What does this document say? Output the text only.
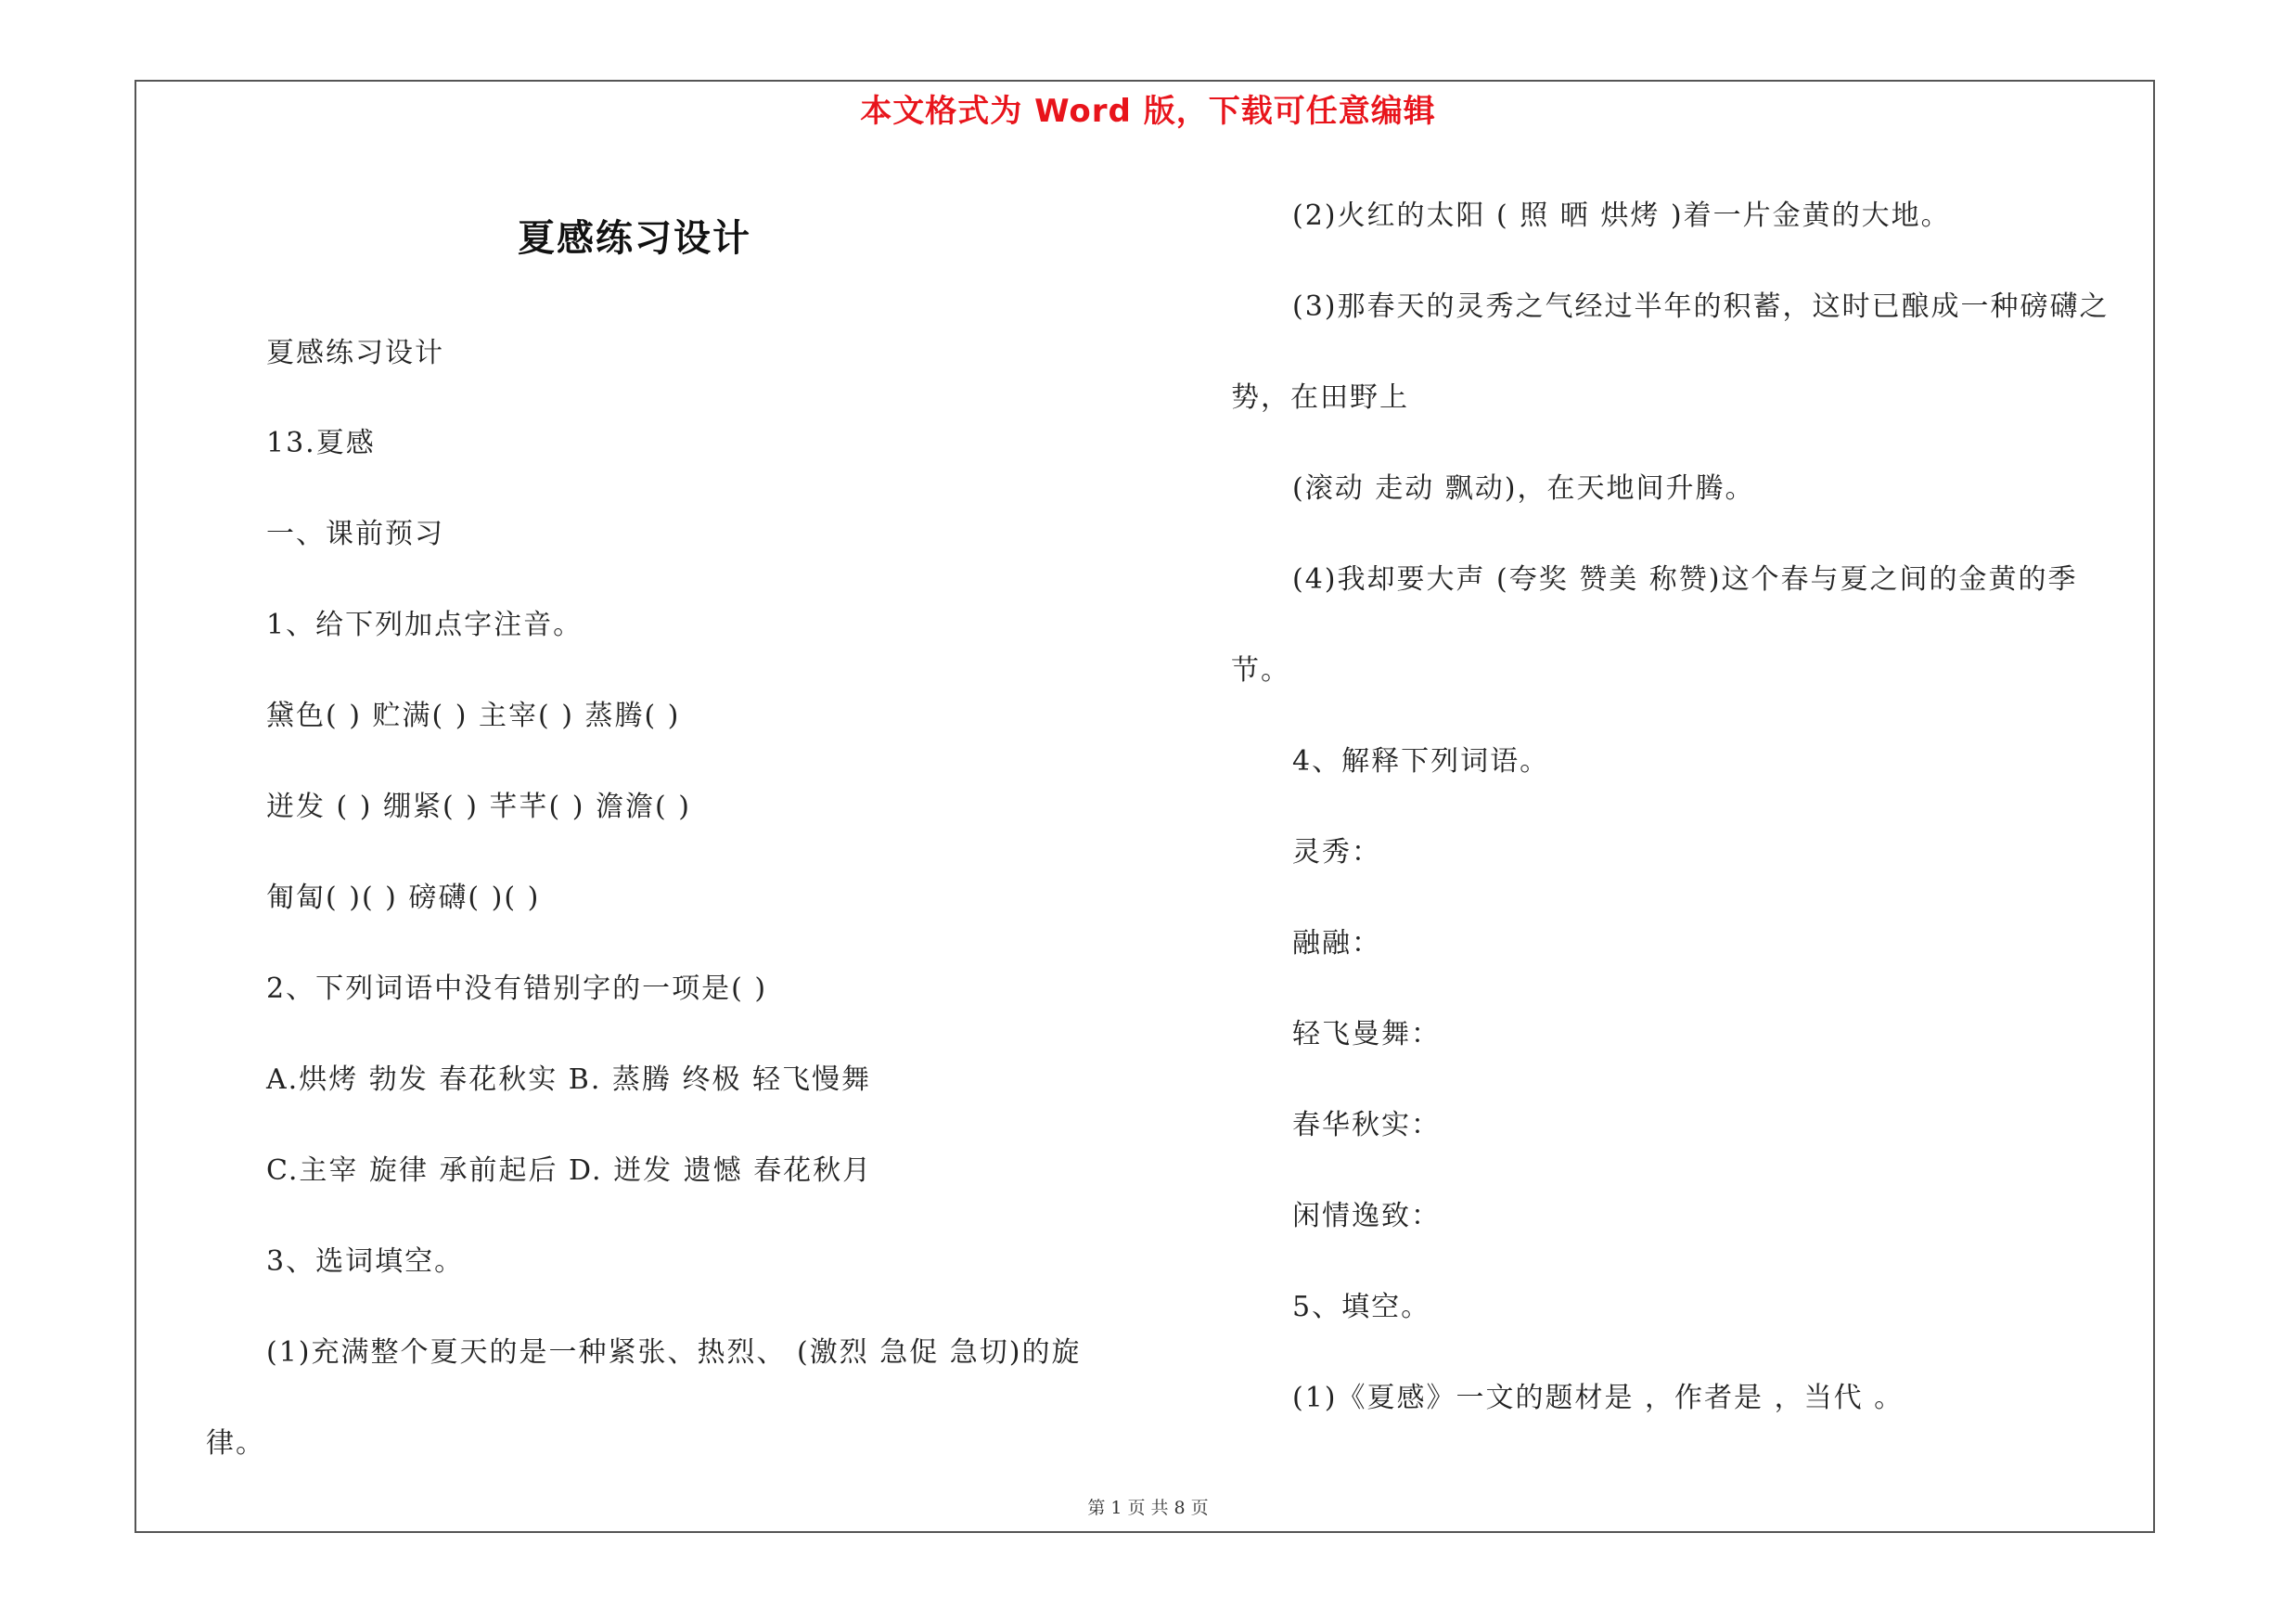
本文格式为 Word 版，下载可任意编辑
夏感练习设计
夏感练习设计
13.夏感
一、课前预习
1、给下列加点字注音。
黛色( ) 贮满( ) 主宰( ) 蒸腾( )
迸发 ( ) 绷紧( ) 芊芊( ) 澹澹( )
匍匐( )( ) 磅礴( )( )
2、下列词语中没有错别字的一项是( )
A.烘烤 勃发 春花秋实 B. 蒸腾 终极 轻飞慢舞
C.主宰 旋律 承前起后 D. 迸发 遗憾 春花秋月
3、选词填空。
(1)充满整个夏天的是一种紧张、热烈、 (激烈 急促 急切)的旋
律。
(2)火红的太阳 ( 照 晒 烘烤 )着一片金黄的大地。
(3)那春天的灵秀之气经过半年的积蓄，这时已酿成一种磅礴之
势，在田野上
(滚动 走动 飘动)，在天地间升腾。
(4)我却要大声 (夸奖 赞美 称赞)这个春与夏之间的金黄的季
节。
4、解释下列词语。
灵秀：
融融：
轻飞曼舞：
春华秋实：
闲情逸致：
5、填空。
(1)《夏感》一文的题材是 ，作者是 ，当代 。
第 1 页 共 8 页
